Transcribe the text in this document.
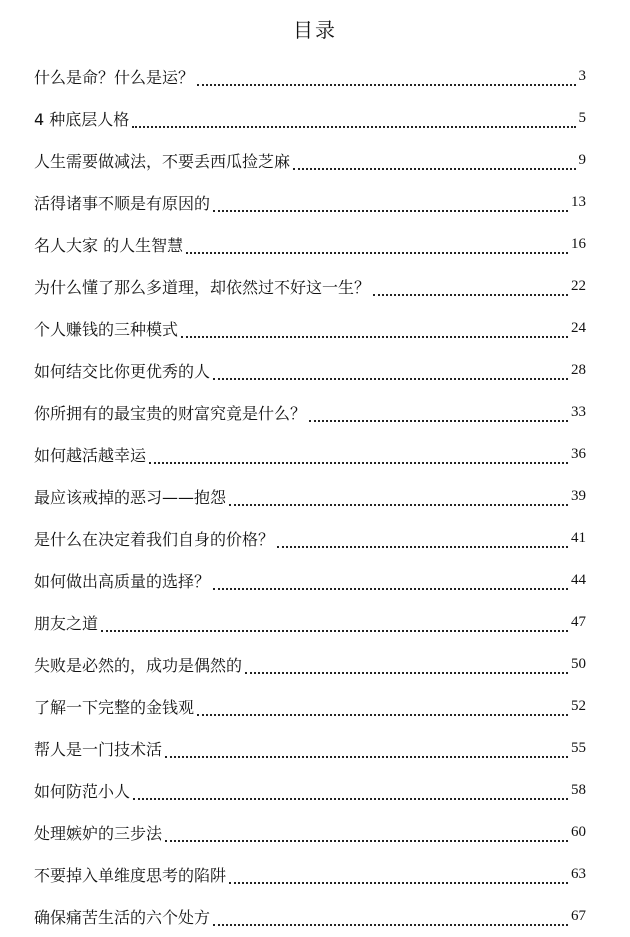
目录
什么是命？什么是运？	3
4 种底层人格	5
人生需要做减法，不要丢西瓜捡芝麻	9
活得诸事不顺是有原因的	13
名人大家 的人生智慧	16
为什么懂了那么多道理，却依然过不好这一生？	22
个人赚钱的三种模式	24
如何结交比你更优秀的人	28
你所拥有的最宝贵的财富究竟是什么？	33
如何越活越幸运	36
最应该戒掉的恶习——抱怨	39
是什么在决定着我们自身的价格？	41
如何做出高质量的选择？	44
朋友之道	47
失败是必然的，成功是偶然的	50
了解一下完整的金钱观	52
帮人是一门技术活	55
如何防范小人	58
处理嫉妒的三步法	60
不要掉入单维度思考的陷阱	63
确保痛苦生活的六个处方	67
